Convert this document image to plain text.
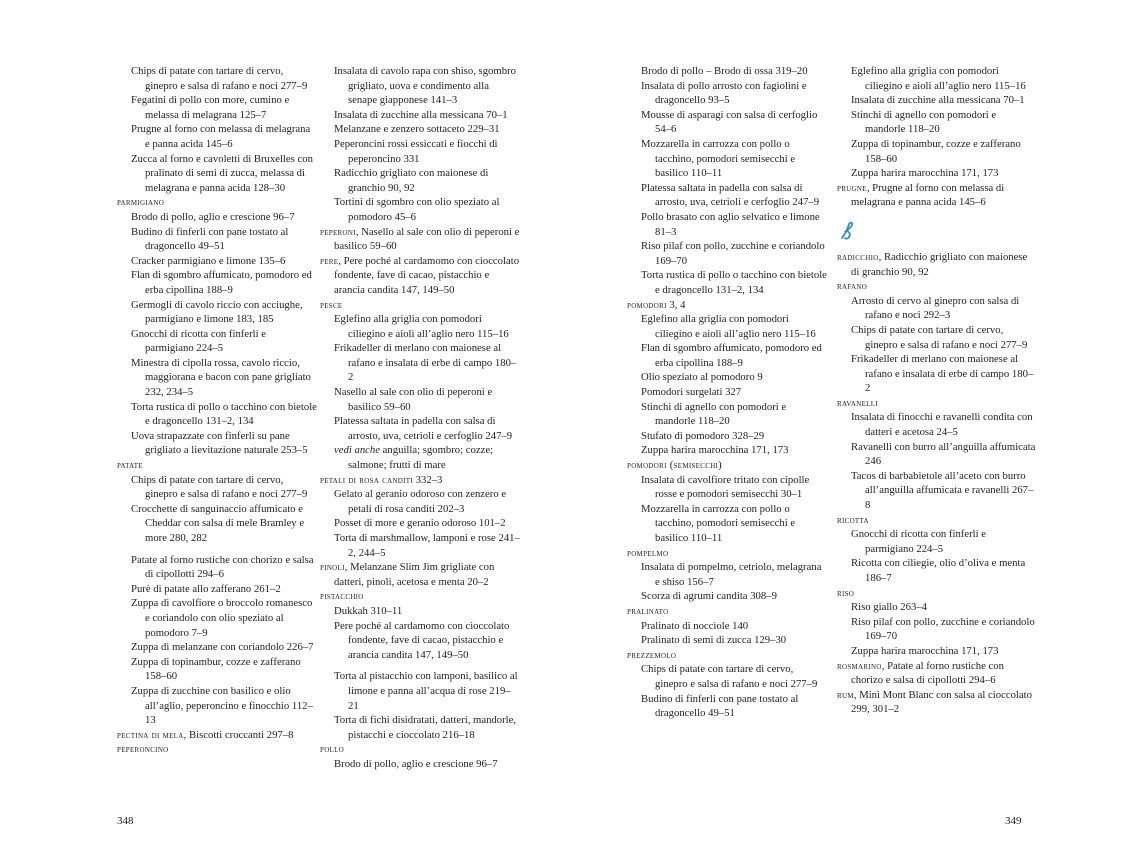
Chips di patate con tartare di cervo, ginepro e salsa di rafano e noci 277–9

Fegatini di pollo con more, cumino e melassa di melagrana 125–7

Prugne al forno con melassa di melagrana e panna acida 145–6

Zucca al forno e cavoletti di Bruxelles con pralinato di semi di zucca, melassa di melagrana e panna acida 128–30

parmigiano

Brodo di pollo, aglio e crescione 96–7

Budino di finferli con pane tostato al dragoncello 49–51

Cracker parmigiano e limone 135–6

Flan di sgombro affumicato, pomodoro ed erba cipollina 188–9

Germogli di cavolo riccio con acciughe, parmigiano e limone 183, 185

Gnocchi di ricotta con finferli e parmigiano 224–5

Minestra di cipolla rossa, cavolo riccio, maggiorana e bacon con pane grigliato 232, 234–5

Torta rustica di pollo o tacchino con bietole e dragoncello 131–2, 134

Uova strapazzate con finferli su pane grigliato a lievitazione naturale 253–5

patate

Chips di patate con tartare di cervo, ginepro e salsa di rafano e noci 277–9

Crocchette di sanguinaccio affumicato e Cheddar con salsa di mele Bramley e more 280, 282

Patate al forno rustiche con chorizo e salsa di cipollotti 294–6

Purè di patate allo zafferano 261–2

Zuppa di cavolfiore o broccolo romanesco e coriandolo con olio speziato al pomodoro 7–9

Zuppa di melanzane con coriandolo 226–7

Zuppa di topinambur, cozze e zafferano 158–60

Zuppa di zucchine con basilico e olio all’aglio, peperoncino e finocchio 112–13

pectina di mela, Biscotti croccanti 297–8

peperoncino

Insalata di cavolo rapa con shiso, sgombro grigliato, uova e condimento alla senape giapponese 141–3

Insalata di zucchine alla messicana 70–1

Melanzane e zenzero sottaceto 229–31

Peperoncini rossi essiccati e fiocchi di peperoncino 331

Radicchio grigliato con maionese di granchio 90, 92

Tortini di sgombro con olio speziato al pomodoro 45–6

peperoni, Nasello al sale con olio di peperoni e basilico 59–60

pere, Pere poché al cardamomo con cioccolato fondente, fave di cacao, pistacchio e arancia candita 147, 149–50

pesce

Eglefino alla griglia con pomodori ciliegino e aioli all’aglio nero 115–16

Frikadeller di merlano con maionese al rafano e insalata di erbe di campo 180–2

Nasello al sale con olio di peperoni e basilico 59–60

Platessa saltata in padella con salsa di arrosto, uva, cetrioli e cerfoglio 247–9

vedi anche anguilla; sgombro; cozze; salmone; frutti di mare

petali di rosa canditi 332–3

Gelato al geranio odoroso con zenzero e petali di rosa canditi 202–3

Posset di more e geranio odoroso 101–2

Torta di marshmallow, lamponi e rose 241–2, 244–5

pinoli, Melanzane Slim Jim grigliate con datteri, pinoli, acetosa e menta 20–2

pistacchio

Dukkah 310–11

Pere poché al cardamomo con cioccolato fondente, fave di cacao, pistacchio e arancia candita 147, 149–50

Torta al pistacchio con lamponi, basilico al limone e panna all’acqua di rose 219–21

Torta di fichi disidratati, datteri, mandorle, pistacchi e cioccolato 216–18

pollo

Brodo di pollo, aglio e crescione 96–7

Brodo di pollo – Brodo di ossa 319–20

Insalata di pollo arrosto con fagiolini e dragoncello 93–5

Mousse di asparagi con salsa di cerfoglio 54–6

Mozzarella in carrozza con pollo o tacchino, pomodori semisecchi e basilico 110–11

Platessa saltata in padella con salsa di arrosto, uva, cetrioli e cerfoglio 247–9

Pollo brasato con aglio selvatico e limone 81–3

Riso pilaf con pollo, zucchine e coriandolo 169–70

Torta rustica di pollo o tacchino con bietole e dragoncello 131–2, 134

pomodori 3, 4

Eglefino alla griglia con pomodori ciliegino e aioli all’aglio nero 115–16

Flan di sgombro affumicato, pomodoro ed erba cipollina 188–9

Olio speziato al pomodoro 9

Pomodori surgelati 327

Stinchi di agnello con pomodori e mandorle 118–20

Stufato di pomodoro 328–29

Zuppa harira marocchina 171, 173

pomodori (semisecchi)

Insalata di cavolfiore tritato con cipolle rosse e pomodori semisecchi 30–1

Mozzarella in carrozza con pollo o tacchino, pomodori semisecchi e basilico 110–11

pompelmo

Insalata di pompelmo, cetriolo, melagrana e shiso 156–7

Scorza di agrumi candita 308–9

pralinato

Pralinato di nocciole 140

Pralinato di semi di zucca 129–30

prezzemolo

Chips di patate con tartare di cervo, ginepro e salsa di rafano e noci 277–9

Budino di finferli con pane tostato al dragoncello 49–51

Eglefino alla griglia con pomodori ciliegino e aioli all’aglio nero 115–16

Insalata di zucchine alla messicana 70–1

Stinchi di agnello con pomodori e mandorle 118–20

Zuppa di topinambur, cozze e zafferano 158–60

Zuppa harira marocchina 171, 173

prugne, Prugne al forno con melassa di melagrana e panna acida 145–6

radicchio, Radicchio grigliato con maionese di granchio 90, 92

rafano

Arrosto di cervo al ginepro con salsa di rafano e noci 292–3

Chips di patate con tartare di cervo, ginepro e salsa di rafano e noci 277–9

Frikadeller di merlano con maionese al rafano e insalata di erbe di campo 180–2

ravanelli

Insalata di finocchi e ravanelli condita con datteri e acetosa 24–5

Ravanelli con burro all’anguilla affumicata 246

Tacos di barbabietole all’aceto con burro all’anguilla affumicata e ravanelli 267–8

ricotta

Gnocchi di ricotta con finferli e parmigiano 224–5

Ricotta con ciliegie, olio d’oliva e menta 186–7

riso

Riso giallo 263–4

Riso pilaf con pollo, zucchine e coriandolo 169–70

Zuppa harira marocchina 171, 173

rosmarino, Patate al forno rustiche con chorizo e salsa di cipollotti 294–6

rum, Mini Mont Blanc con salsa al cioccolato 299, 301–2

348	349
